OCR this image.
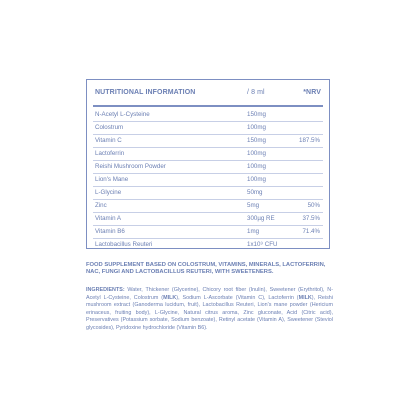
NUTRITIONAL INFORMATION	/ 8 ml	*NRV
N-Acetyl L-Cysteine	150mg
Colostrum	100mg
Vitamin C	150mg	187.5%
Lactoferrin	100mg
Reishi Mushroom Powder	100mg
Lion's Mane	100mg
L-Glycine	50mg
Zinc	5mg	50%
Vitamin A	300µg RE	37.5%
Vitamin B6	1mg	71.4%
Lactobacillus Reuteri	1x10⁹ CFU
FOOD SUPPLEMENT BASED ON COLOSTRUM, VITAMINS, MINERALS, LACTOFERRIN, NAC, FUNGI AND LACTOBACILLUS REUTERI, WITH SWEETENERS.
INGREDIENTS: Water, Thickener (Glycerine), Chicory root fiber (Inulin), Sweetener (Erythritol), N-Acetyl L-Cysteine, Colostrum (MILK), Sodium L-Ascorbate (Vitamin C), Lactoferrin (MILK), Reishi mushroom extract (Ganoderma lucidum, fruit), Lactobacillus Reuteri, Lion's mane powder (Hericium erinaceus, fruiting body), L-Glycine, Natural citrus aroma, Zinc gluconate, Acid (Citric acid), Preservatives (Potassium sorbate, Sodium benzoate), Retinyl acetate (Vitamin A), Sweetener (Steviol glycosides), Pyridoxine hydrochloride (Vitamin B6).
